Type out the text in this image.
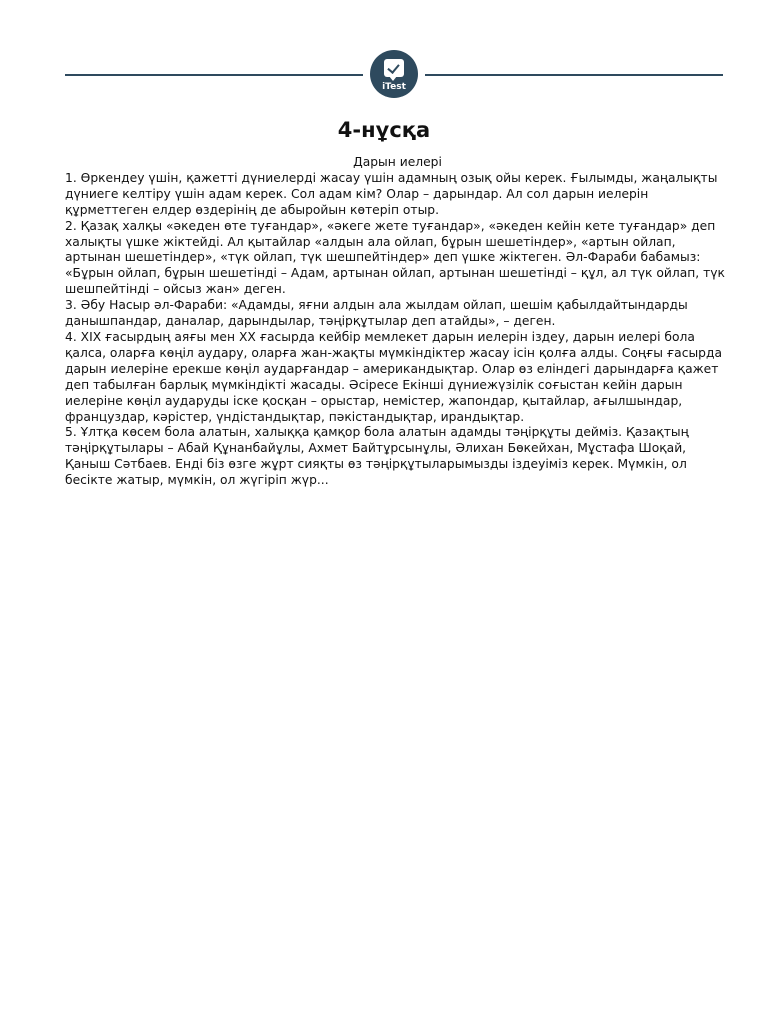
iTest
4-нұсқа

Дарын иелері

1. Өркендеу үшін, қажетті дүниелерді жасау үшін адамның озық ойы керек. Ғылымды, жаңалықты дүниеге келтіру үшін адам керек. Сол адам кім? Олар – дарындар. Ал сол дарын иелерін құрметтеген елдер өздерінің де абыройын көтеріп отыр.

2. Қазақ халқы «әкеден өте туғандар», «әкеге жете туғандар», «әкеден кейін кете туғандар» деп халықты үшке жіктейді. Ал қытайлар «алдын ала ойлап, бұрын шешетіндер», «артын ойлап, артынан шешетіндер», «түк ойлап, түк шешпейтіндер» деп үшке жіктеген. Әл-Фараби бабамыз: «Бұрын ойлап, бұрын шешетінді – Адам, артынан ойлап, артынан шешетінді – құл, ал түк ойлап, түк шешпейтінді – ойсыз жан» деген.

3. Әбу Насыр әл-Фараби: «Адамды, яғни алдын ала жылдам ойлап, шешім қабылдайтындарды данышпандар, даналар, дарындылар, тәңірқұтылар деп атайды», – деген.

4. XIX ғасырдың аяғы мен XX ғасырда кейбір мемлекет дарын иелерін іздеу, дарын иелері бола қалса, оларға көңіл аудару, оларға жан-жақты мүмкіндіктер жасау ісін қолға алды. Соңғы ғасырда дарын иелеріне ерекше көңіл аударғандар – американдықтар. Олар өз еліндегі дарындарға қажет деп табылған барлық мүмкіндікті жасады. Әсіресе Екінші дүниежүзілік соғыстан кейін дарын иелеріне көңіл аударуды іске қосқан – орыстар, немістер, жапондар, қытайлар, ағылшындар, француздар, кәрістер, үндістандықтар, пәкістандықтар, ирандықтар.

5. Ұлтқа көсем бола алатын, халыққа қамқор бола алатын адамды тәңірқұты дейміз. Қазақтың тәңірқұтылары – Абай Құнанбайұлы, Ахмет Байтұрсынұлы, Әлихан Бөкейхан, Мұстафа Шоқай, Қаныш Сәтбаев. Енді біз өзге жұрт сияқты өз тәңірқұтыларымызды іздеуіміз керек. Мүмкін, ол бесікте жатыр, мүмкін, ол жүгіріп жүр...
